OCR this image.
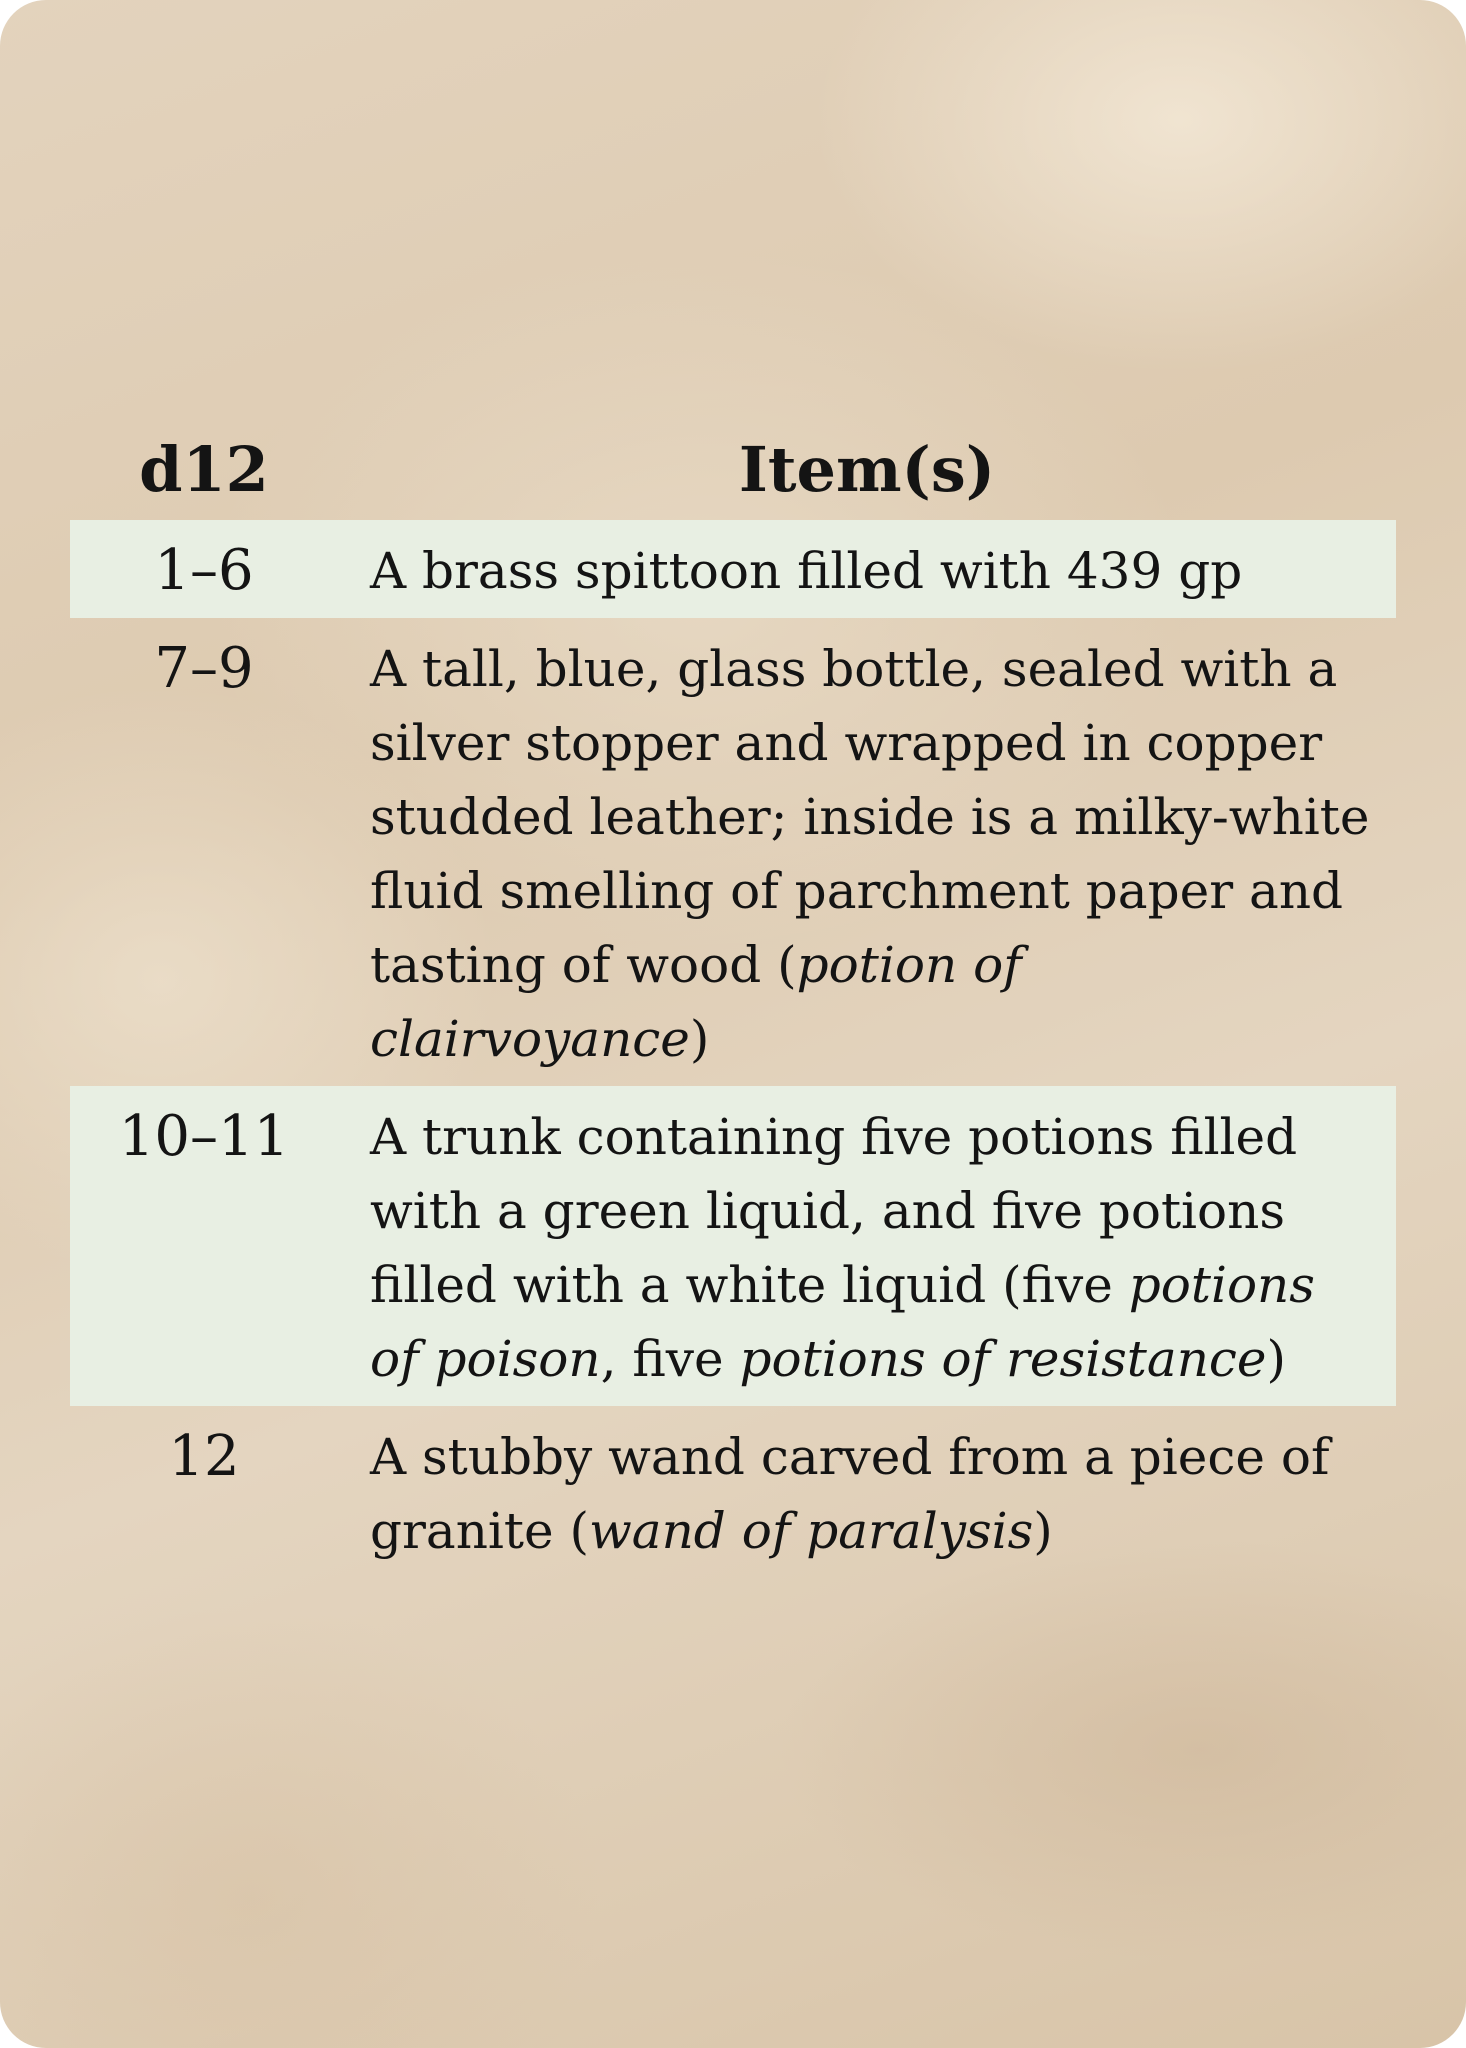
d12	Item(s)
1–6	A brass spittoon filled with 439 gp
7–9	A tall, blue, glass bottle, sealed with a silver stopper and wrapped in copper studded leather; inside is a milky-white fluid smelling of parchment paper and tasting of wood (potion of clairvoyance)
10–11	A trunk containing five potions filled with a green liquid, and five potions filled with a white liquid (five potions of poison, five potions of resistance)
12	A stubby wand carved from a piece of granite (wand of paralysis)
